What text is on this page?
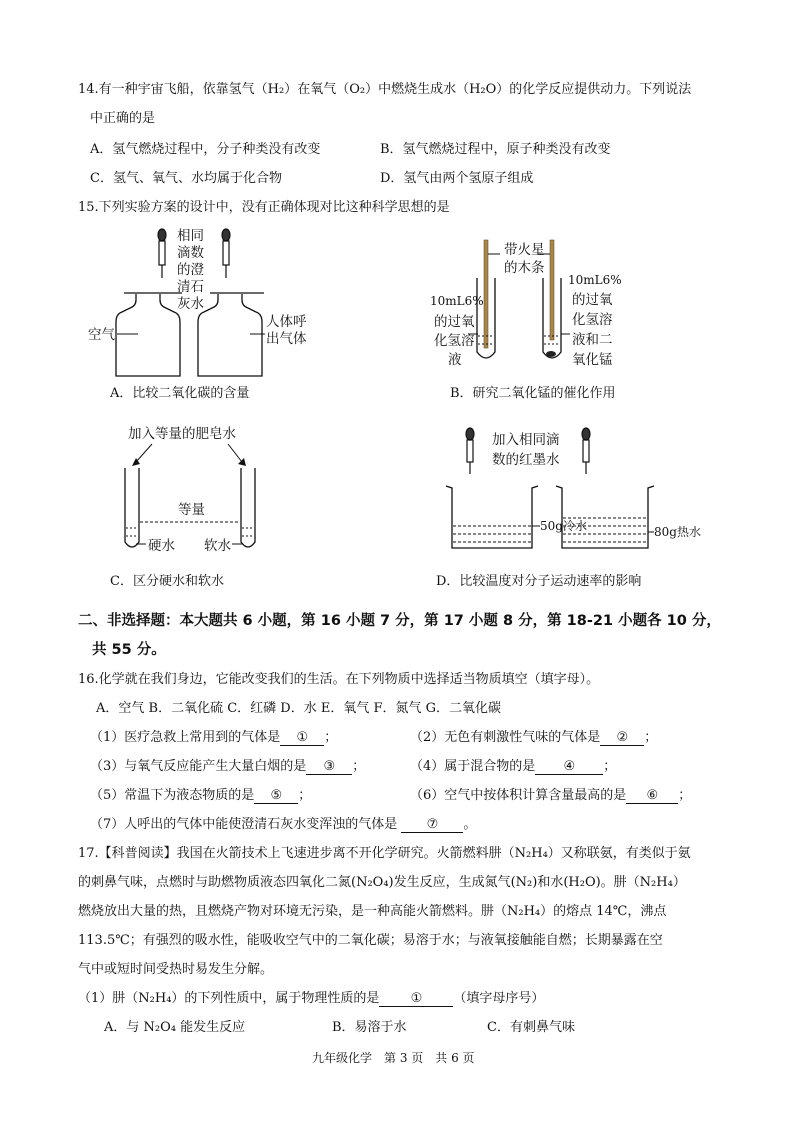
14.有一种宇宙飞船，依靠氢气（H₂）在氧气（O₂）中燃烧生成水（H₂O）的化学反应提供动力。下列说法
中正确的是
A．氢气燃烧过程中，分子种类没有改变	B．氢气燃烧过程中，原子种类没有改变
C．氢气、氧气、水均属于化合物	D．氢气由两个氢原子组成
15.下列实验方案的设计中，没有正确体现对比这种科学思想的是
相同
滴数
的澄
清石
灰水
空气
人体呼
出气体
A．比较二氧化碳的含量
带火星
的木条
10mL6%
的过氧
化氢溶
液
10mL6%
的过氧
化氢溶
液和二
氧化锰
B．研究二氧化锰的催化作用
加入等量的肥皂水
等量
硬水 软水
C．区分硬水和软水
加入相同滴
数的红墨水
50g冷水	80g热水
D．比较温度对分子运动速率的影响
二、非选择题：本大题共 6 小题，第 16 小题 7 分，第 17 小题 8 分，第 18-21 小题各 10 分，
共 55 分。
16.化学就在我们身边，它能改变我们的生活。在下列物质中选择适当物质填空（填字母）。
A．空气 B．二氧化硫 C．红磷 D．水 E．氧气 F．氮气 G．二氧化碳
（1）医疗急救上常用到的气体是 ① ；	（2）无色有刺激性气味的气体是 ② ；
（3）与氧气反应能产生大量白烟的是 ③ ；	（4）属于混合物的是 ④ ；
（5）常温下为液态物质的是 ⑤ ；	（6）空气中按体积计算含量最高的是 ⑥ ；
（7）人呼出的气体中能使澄清石灰水变浑浊的气体是 ⑦ 。
17.【科普阅读】我国在火箭技术上飞速进步离不开化学研究。火箭燃料肼（N₂H₄）又称联氨，有类似于氨
的刺鼻气味，点燃时与助燃物质液态四氧化二氮(N₂O₄)发生反应，生成氮气(N₂)和水(H₂O)。肼（N₂H₄）
燃烧放出大量的热，且燃烧产物对环境无污染，是一种高能火箭燃料。肼（N₂H₄）的熔点 14℃，沸点
113.5℃；有强烈的吸水性，能吸收空气中的二氧化碳；易溶于水；与液氧接触能自燃；长期暴露在空
气中或短时间受热时易发生分解。
（1）肼（N₂H₄）的下列性质中，属于物理性质的是 ① （填字母序号）
A．与 N₂O₄ 能发生反应	B．易溶于水	C．有刺鼻气味
九年级化学　第 3 页　共 6 页
